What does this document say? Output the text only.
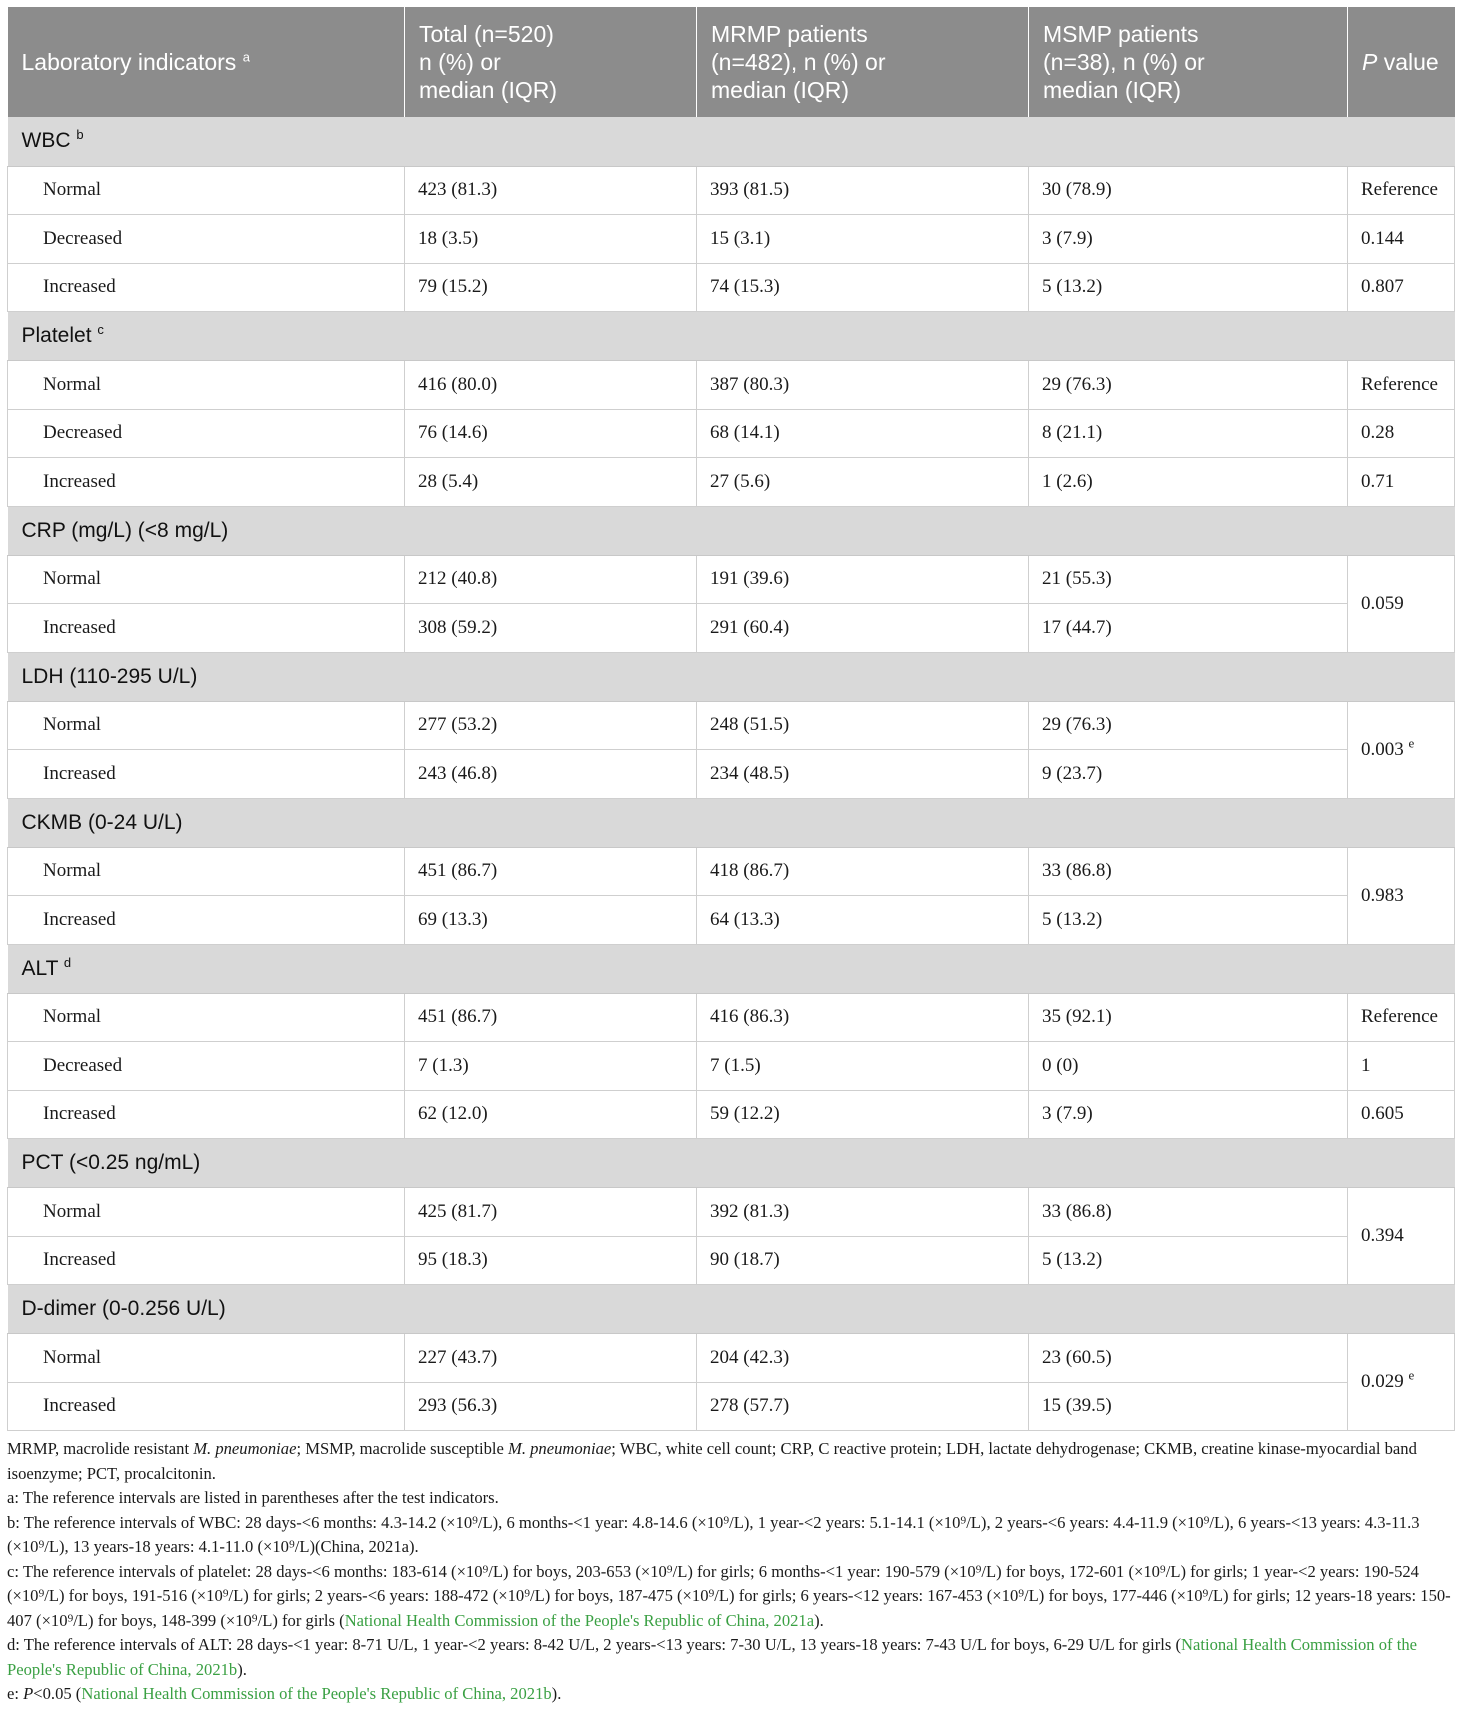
Laboratory indicators $^a$	Total (n=520)
n (%) or
median (IQR)	MRMP patients
(n=482), n (%) or
median (IQR)	MSMP patients
(n=38), n (%) or
median (IQR)	P value
WBC $^b$
Normal	423 (81.3)	393 (81.5)	30 (78.9)	Reference
Decreased	18 (3.5)	15 (3.1)	3 (7.9)	0.144
Increased	79 (15.2)	74 (15.3)	5 (13.2)	0.807
Platelet $^c$
Normal	416 (80.0)	387 (80.3)	29 (76.3)	Reference
Decreased	76 (14.6)	68 (14.1)	8 (21.1)	0.28
Increased	28 (5.4)	27 (5.6)	1 (2.6)	0.71
CRP (mg/L) (<8 mg/L)				
Normal	212 (40.8)	191 (39.6)	21 (55.3)	0.059
Increased	308 (59.2)	291 (60.4)	17 (44.7)	
LDH (110-295 U/L)				
Normal	277 (53.2)	248 (51.5)	29 (76.3)	0.003 $^e$
Increased	243 (46.8)	234 (48.5)	9 (23.7)	
CKMB (0-24 U/L)				
Normal	451 (86.7)	418 (86.7)	33 (86.8)	0.983
Increased	69 (13.3)	64 (13.3)	5 (13.2)	
ALT $^d$
Normal	451 (86.7)	416 (86.3)	35 (92.1)	Reference
Decreased	7 (1.3)	7 (1.5)	0 (0)	1
Increased	62 (12.0)	59 (12.2)	3 (7.9)	0.605
PCT (<0.25 ng/mL)				
Normal	425 (81.7)	392 (81.3)	33 (86.8)	0.394
Increased	95 (18.3)	90 (18.7)	5 (13.2)	
D-dimer (0-0.256 U/L)				
Normal	227 (43.7)	204 (42.3)	23 (60.5)	0.029 $^e$
Increased	293 (56.3)	278 (57.7)	15 (39.5)	

MRMP, macrolide resistant M. pneumoniae; MSMP, macrolide susceptible M. pneumoniae; WBC, white cell count; CRP, C reactive protein; LDH, lactate dehydrogenase; CKMB, creatine kinase-myocardial band isoenzyme; PCT, procalcitonin.

a: The reference intervals are listed in parentheses after the test indicators.

b: The reference intervals of WBC: 28 days-<6 months: 4.3-14.2 (×10⁹/L), 6 months-<1 year: 4.8-14.6 (×10⁹/L), 1 year-<2 years: 5.1-14.1 (×10⁹/L), 2 years-<6 years: 4.4-11.9 (×10⁹/L), 6 years-<13 years: 4.3-11.3 (×10⁹/L), 13 years-18 years: 4.1-11.0 (×10⁹/L)(China, 2021a).

c: The reference intervals of platelet: 28 days-<6 months: 183-614 (×10⁹/L) for boys, 203-653 (×10⁹/L) for girls; 6 months-<1 year: 190-579 (×10⁹/L) for boys, 172-601 (×10⁹/L) for girls; 1 year-<2 years: 190-524 (×10⁹/L) for boys, 191-516 (×10⁹/L) for girls; 2 years-<6 years: 188-472 (×10⁹/L) for boys, 187-475 (×10⁹/L) for girls; 6 years-<12 years: 167-453 (×10⁹/L) for boys, 177-446 (×10⁹/L) for girls; 12 years-18 years: 150-407 (×10⁹/L) for boys, 148-399 (×10⁹/L) for girls (National Health Commission of the People's Republic of China, 2021a).

d: The reference intervals of ALT: 28 days-<1 year: 8-71 U/L, 1 year-<2 years: 8-42 U/L, 2 years-<13 years: 7-30 U/L, 13 years-18 years: 7-43 U/L for boys, 6-29 U/L for girls (National Health Commission of the People's Republic of China, 2021b).

e: P<0.05 (National Health Commission of the People's Republic of China, 2021b).
